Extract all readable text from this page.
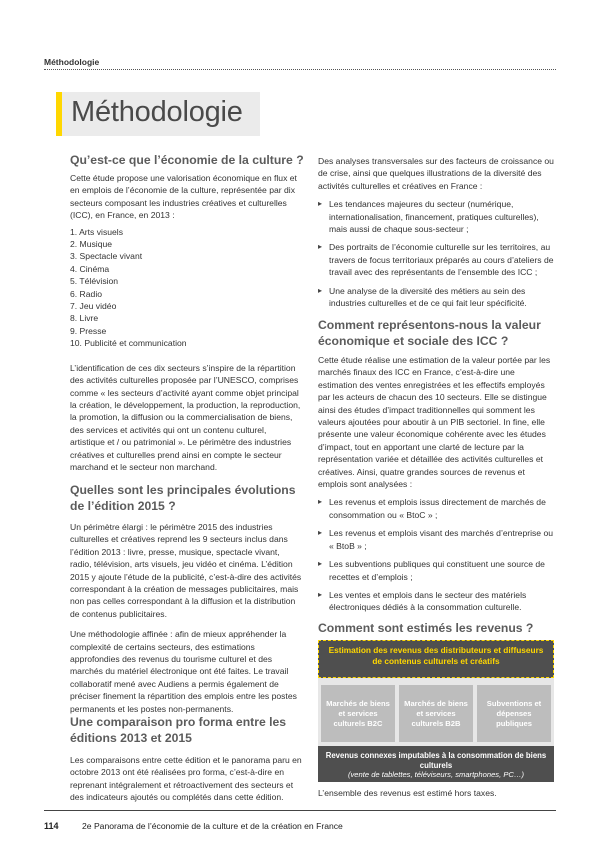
Méthodologie
Méthodologie
Qu’est-ce que l’économie de la culture ?

Cette étude propose une valorisation économique en flux et en emplois de l’économie de la culture, représentée par dix secteurs composant les industries créatives et culturelles (ICC), en France, en 2013 :

1. Arts visuels
2. Musique
3. Spectacle vivant
4. Cinéma
5. Télévision
6. Radio
7. Jeu vidéo
8. Livre
9. Presse
10. Publicité et communication

L’identification de ces dix secteurs s’inspire de la répartition des activités culturelles proposée par l’UNESCO, comprises comme « les secteurs d’activité ayant comme objet principal la création, le développement, la production, la reproduction, la promotion, la diffusion ou la commercialisation de biens, des services et activités qui ont un contenu culturel, artistique et / ou patrimonial ». Le périmètre des industries créatives et culturelles prend ainsi en compte le secteur marchand et le secteur non marchand.

Quelles sont les principales évolutions de l’édition 2015 ?

Un périmètre élargi : le périmètre 2015 des industries culturelles et créatives reprend les 9 secteurs inclus dans l’édition 2013 : livre, presse, musique, spectacle vivant, radio, télévision, arts visuels, jeu vidéo et cinéma. L’édition 2015 y ajoute l’étude de la publicité, c’est-à-dire des activités correspondant à la création de messages publicitaires, mais non pas celles correspondant à la diffusion et la distribution de contenus publicitaires.

Une méthodologie affinée : afin de mieux appréhender la complexité de certains secteurs, des estimations approfondies des revenus du tourisme culturel et des marchés du matériel électronique ont été faites. Le travail collaboratif mené avec Audiens a permis également de préciser finement la répartition des emplois entre les postes permanents et les postes non-permanents.

Une comparaison pro forma entre les éditions 2013 et 2015

Les comparaisons entre cette édition et le panorama paru en octobre 2013 ont été réalisées pro forma, c’est-à-dire en reprenant intégralement et rétroactivement des secteurs et des indicateurs ajoutés ou complétés dans cette édition.

Des analyses transversales sur des facteurs de croissance ou de crise, ainsi que quelques illustrations de la diversité des activités culturelles et créatives en France :

▸ Les tendances majeures du secteur (numérique, internationalisation, financement, pratiques culturelles), mais aussi de chaque sous-secteur ;
▸ Des portraits de l’économie culturelle sur les territoires, au travers de focus territoriaux préparés au cours d’ateliers de travail avec des représentants de l’ensemble des ICC ;
▸ Une analyse de la diversité des métiers au sein des industries culturelles et de ce qui fait leur spécificité.
Comment représentons-nous la valeur économique et sociale des ICC ?

Cette étude réalise une estimation de la valeur portée par les marchés finaux des ICC en France, c’est-à-dire une estimation des ventes enregistrées et les effectifs employés par les acteurs de chacun des 10 secteurs. Elle se distingue ainsi des études d’impact traditionnelles qui somment les valeurs ajoutées pour aboutir à un PIB sectoriel. In fine, elle présente une valeur économique cohérente avec les études d’impact, tout en apportant une clarté de lecture par la représentation variée et détaillée des activités culturelles et créatives. Ainsi, quatre grandes sources de revenus et emplois sont analysées :

▸ Les revenus et emplois issus directement de marchés de consommation ou « BtoC » ;
▸ Les revenus et emplois visant des marchés d’entreprise ou « BtoB » ;
▸ Les subventions publiques qui constituent une source de recettes et d’emplois ;
▸ Les ventes et emplois dans le secteur des matériels électroniques dédiés à la consommation culturelle.
Comment sont estimés les revenus ?
Estimation des revenus des distributeurs et diffuseurs de contenus culturels et créatifs
Marchés de biens et services culturels B2C
Marchés de biens et services culturels B2B
Subventions et dépenses publiques
Revenus connexes imputables à la consommation de biens culturels
(vente de tablettes, téléviseurs, smartphones, PC…)
L’ensemble des revenus est estimé hors taxes.
114	2e Panorama de l’économie de la culture et de la création en France
